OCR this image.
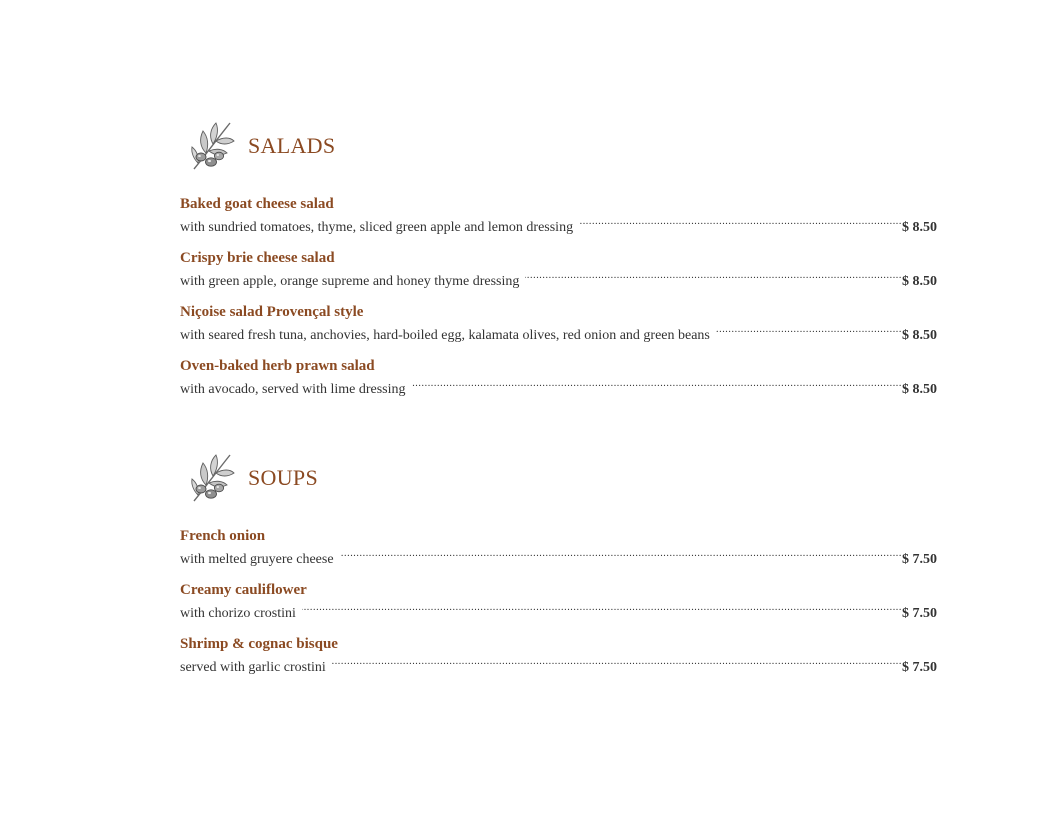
SALADS
Baked goat cheese salad
with sundried tomatoes, thyme, sliced green apple and lemon dressing .....	$ 8.50
Crispy brie cheese salad
with green apple, orange supreme and honey thyme dressing .....	$ 8.50
Niçoise salad Provençal style
with seared fresh tuna, anchovies, hard-boiled egg, kalamata olives, red onion and green beans .....	$ 8.50
Oven-baked herb prawn salad
with avocado, served with lime dressing .....	$ 8.50
SOUPS
French onion
with melted gruyere cheese .....	$ 7.50
Creamy cauliflower
with chorizo crostini .....	$ 7.50
Shrimp & cognac bisque
served with garlic crostini .....	$ 7.50
